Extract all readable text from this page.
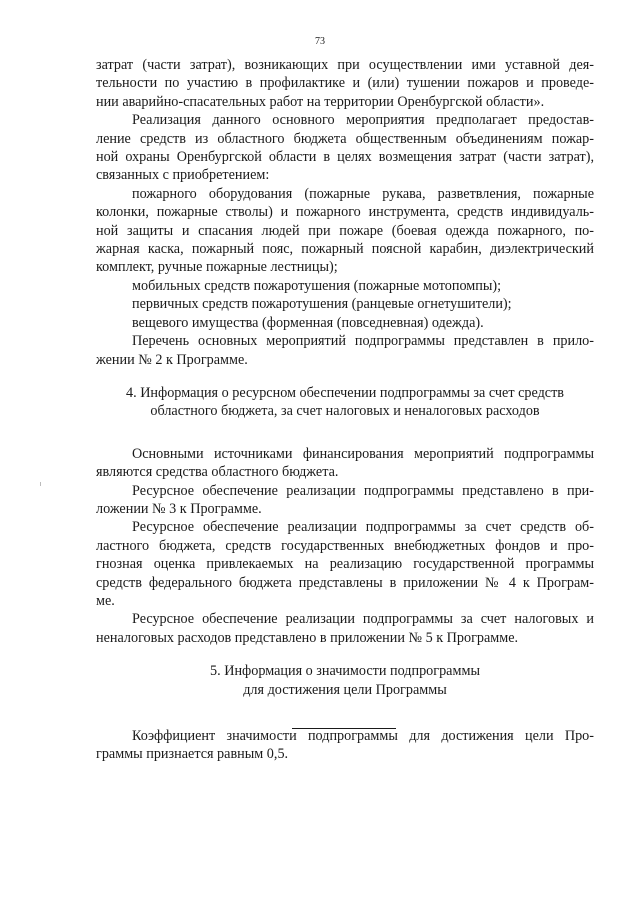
73
затрат (части затрат), возникающих при осуществлении ими уставной дея-
тельности по участию в профилактике и (или) тушении пожаров и проведе-
нии аварийно-спасательных работ на территории Оренбургской области».
Реализация данного основного мероприятия предполагает предостав-
ление средств из областного бюджета общественным объединениям пожар-
ной охраны Оренбургской области в целях возмещения затрат (части затрат),
связанных с приобретением:
пожарного оборудования (пожарные рукава, разветвления, пожарные
колонки, пожарные стволы) и пожарного инструмента, средств индивидуаль-
ной защиты и спасания людей при пожаре (боевая одежда пожарного, по-
жарная каска, пожарный пояс, пожарный поясной карабин, диэлектрический
комплект, ручные пожарные лестницы);
мобильных средств пожаротушения (пожарные мотопомпы);
первичных средств пожаротушения (ранцевые огнетушители);
вещевого имущества (форменная (повседневная) одежда).
Перечень основных мероприятий подпрограммы представлен в прило-
жении № 2 к Программе.
4. Информация о ресурсном обеспечении подпрограммы за счет средств
областного бюджета, за счет налоговых и неналоговых расходов
Основными источниками финансирования мероприятий подпрограммы
являются средства областного бюджета.
Ресурсное обеспечение реализации подпрограммы представлено в при-
ложении № 3 к Программе.
Ресурсное обеспечение реализации подпрограммы за счет средств об-
ластного бюджета, средств государственных внебюджетных фондов и про-
гнозная оценка привлекаемых на реализацию государственной программы
средств федерального бюджета представлены в приложении № 4 к Програм-
ме.
Ресурсное обеспечение реализации подпрограммы за счет налоговых и
неналоговых расходов представлено в приложении № 5 к Программе.
5. Информация о значимости подпрограммы
для достижения цели Программы
Коэффициент значимости подпрограммы для достижения цели Про-
граммы признается равным 0,5.
